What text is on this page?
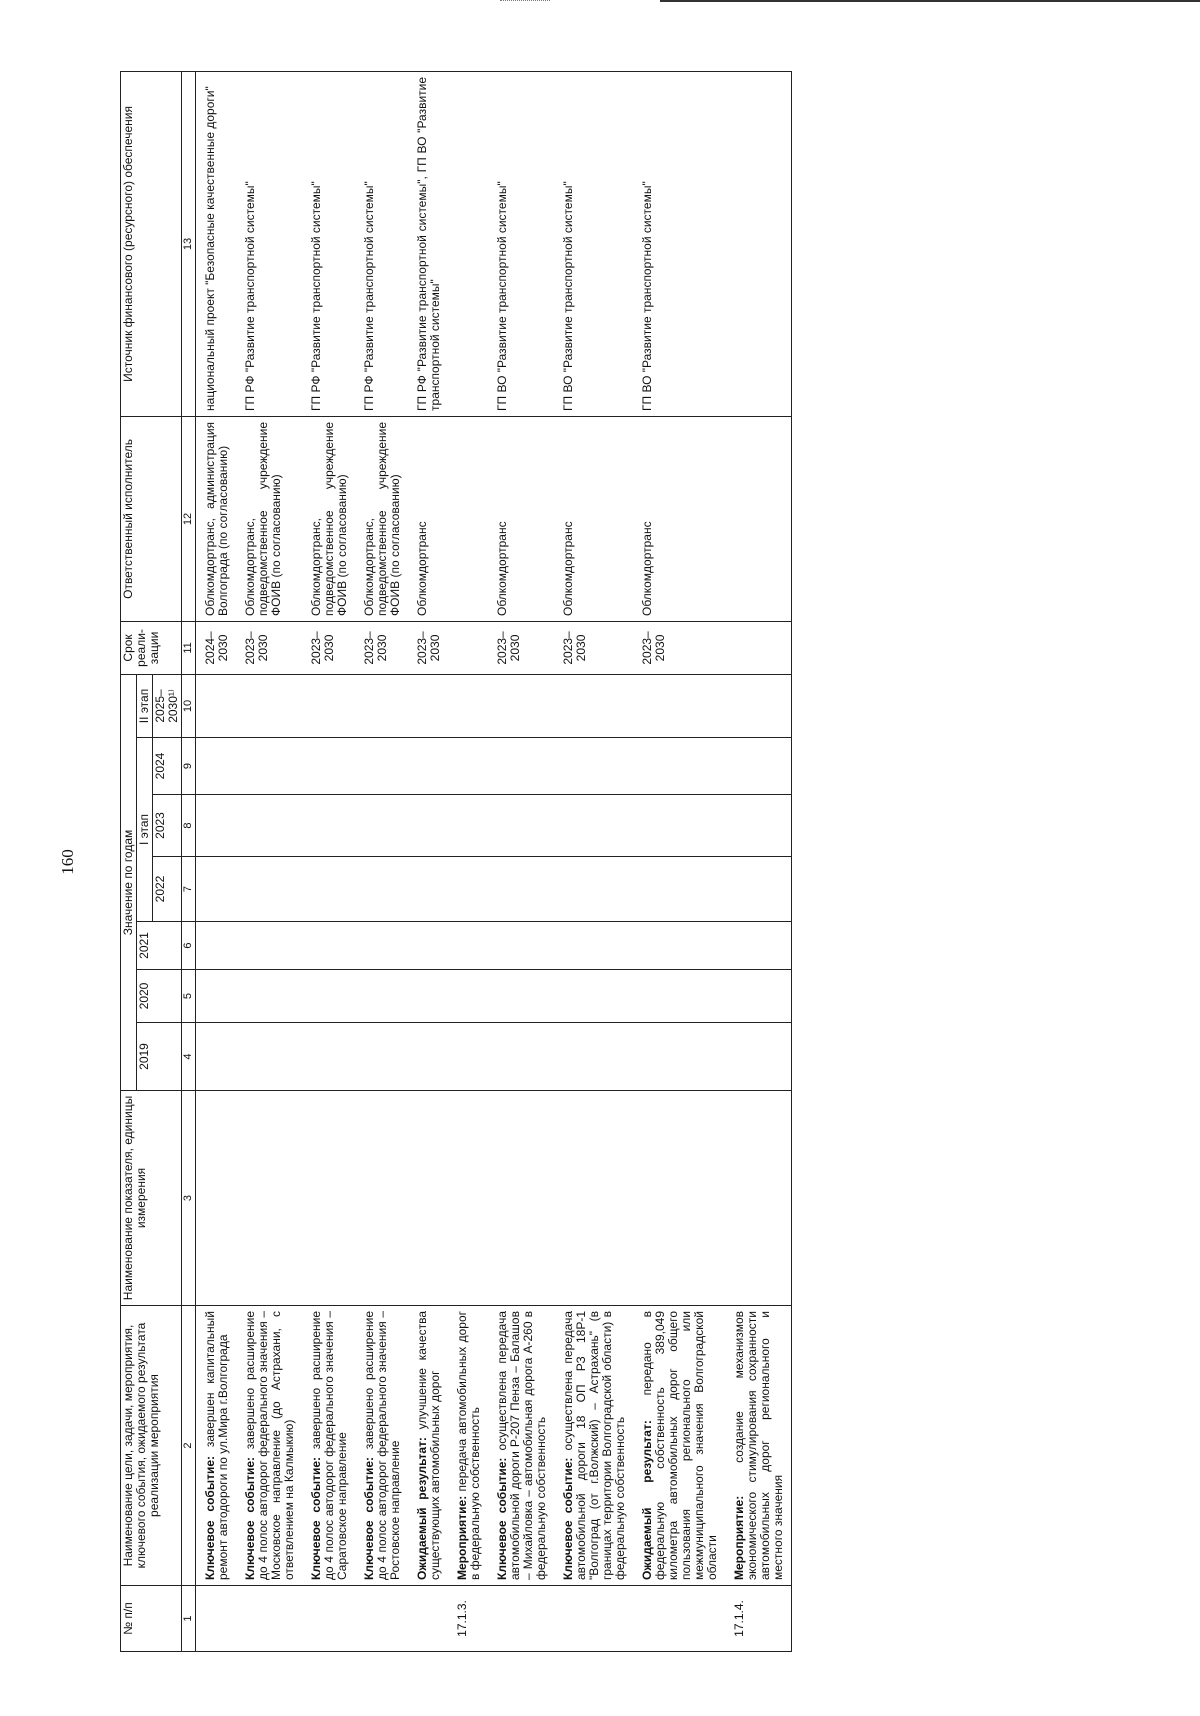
160
№ п/п	Наименование цели, задачи, мероприятия, ключевого события, ожидаемого результата реализации мероприятия	Наименование показателя, единицы измерения	Значение по годам							Срок реали-зации	Ответственный исполнитель	Источник финансового (ресурсного) обеспечения
			2019	2020	2021	I этап			II этап			
						2022	2023	2024	2025–2030¹⁾			
1	2	3	4	5	6	7	8	9	10	11	12	13
	Ключевое событие: завершен капитальный ремонт автодороги по ул.Мира г.Волгограда									2024–2030	Облкомдортранс, администрация Волгограда (по согласованию)	национальный проект "Безопасные качественные дороги"
	Ключевое событие: завершено расширение до 4 полос автодорог федерального значения – Московское направление (до Астрахани, с ответвлением на Калмыкию)									2023–2030	Облкомдортранс, подведомственное учреждение ФОИВ (по согласованию)	ГП РФ "Развитие транспортной системы"
	Ключевое событие: завершено расширение до 4 полос автодорог федерального значения – Саратовское направление									2023–2030	Облкомдортранс, подведомственное учреждение ФОИВ (по согласованию)	ГП РФ "Развитие транспортной системы"
	Ключевое событие: завершено расширение до 4 полос автодорог федерального значения – Ростовское направление									2023–2030	Облкомдортранс, подведомственное учреждение ФОИВ (по согласованию)	ГП РФ "Развитие транспортной системы"
	Ожидаемый результат: улучшение качества существующих автомобильных дорог									2023–2030	Облкомдортранс	ГП РФ "Развитие транспортной системы", ГП ВО "Развитие транспортной системы"
17.1.3.	Мероприятие: передача автомобильных дорог в федеральную собственность											
	Ключевое событие: осуществлена передача автомобильной дороги Р-207 Пенза – Балашов – Михайловка – автомобильная дорога А-260 в федеральную собственность									2023–2030	Облкомдортранс	ГП ВО "Развитие транспортной системы"
	Ключевое событие: осуществлена передача автомобильной дороги 18 ОП РЗ 18Р-1 "Волгоград (от г.Волжский) – Астрахань" (в границах территории Волгоградской области) в федеральную собственность									2023–2030	Облкомдортранс	ГП ВО "Развитие транспортной системы"
	Ожидаемый результат: передано в федеральную собственность 389,049 километра автомобильных дорог общего пользования регионального или межмуниципального значения Волгоградской области									2023–2030	Облкомдортранс	ГП ВО "Развитие транспортной системы"
17.1.4.	Мероприятие: создание механизмов экономического стимулирования сохранности автомобильных дорог регионального и местного значения											
